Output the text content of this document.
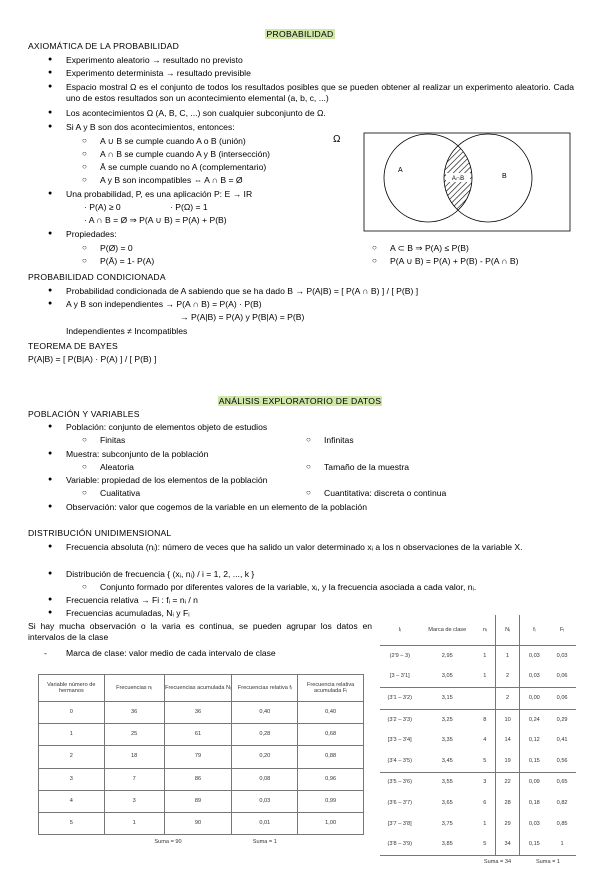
PROBABILIDAD
AXIOMÁTICA DE LA PROBABILIDAD
● Experimento aleatorio → resultado no previsto
● Experimento determinista → resultado previsible
● Espacio mostral Ω es el conjunto de todos los resultados posibles que se pueden obtener al realizar un experimento aleatorio. Cada uno de estos resultados son un acontecimiento elemental (a, b, c, ...)
● Los acontecimientos Ω (A, B, C, ...) son cualquier subconjunto de Ω.
● Si A y B son dos acontecimientos, entonces:
○ A ∪ B se cumple cuando A o B (unión)
○ A ∩ B se cumple cuando A y B (intersección)
○ Ā se cumple cuando no A (complementario)
○ A y B son incompatibles ⇔ A ∩ B = Ø
● Una probabilidad, P, es una aplicación P: E → IR
· P(A) ≥ 0	· P(Ω) = 1
· A ∩ B = Ø ⇒ P(A ∪ B) = P(A) + P(B)
● Propiedades:
○ P(Ø) = 0
○ P(Ā) = 1- P(A)
○ A ⊂ B ⇒ P(A) ≤ P(B)
○ P(A ∪ B) = P(A) + P(B) - P(A ∩ B)
Ω
A∩B
A
B
PROBABILIDAD CONDICIONADA
● Probabilidad condicionada de A sabiendo que se ha dado B → P(A|B) = [ P(A ∩ B) ] / [ P(B) ]
● A y B son independientes → P(A ∩ B) = P(A) · P(B)
→ P(A|B) = P(A) y P(B|A) = P(B)
Independientes ≠ Incompatibles
TEOREMA DE BAYES
P(A|B) = [ P(B|A) · P(A) ] / [ P(B) ]
ANÁLISIS EXPLORATORIO DE DATOS
POBLACIÓN Y VARIABLES
● Población: conjunto de elementos objeto de estudios
○ Finitas	○ Infinitas
● Muestra: subconjunto de la población
○ Aleatoria	○ Tamaño de la muestra
● Variable: propiedad de los elementos de la población
○ Cualitativa	○ Cuantitativa: discreta o continua
● Observación: valor que cogemos de la variable en un elemento de la población
DISTRIBUCIÓN UNIDIMENSIONAL
● Frecuencia absoluta (nᵢ): número de veces que ha salido un valor determinado xᵢ a los n observaciones de la variable X.
● Distribución de frecuencia { (xᵢ, nᵢ) / i = 1, 2, ..., k }
○ Conjunto formado por diferentes valores de la variable, xᵢ, y la frecuencia asociada a cada valor, nᵢ.
● Frecuencia relativa → Fi : fᵢ = nᵢ / n
● Frecuencias acumuladas, Nᵢ y Fᵢ
Si hay mucha observación o la varia es continua, se pueden agrupar los datos en intervalos de la clase
- Marca de clase: valor medio de cada intervalo de clase
Variable número de hermanos	Frecuencias nᵢ	Frecuencias acumulada Nᵢ	Frecuencias relativa fᵢ	Frecuencia relativa acumulada Fᵢ
0	36	36	0,40	0,40
1	25	61	0,28	0,68
2	18	79	0,20	0,88
3	7	86	0,08	0,96
4	3	89	0,03	0,99
5	1	90	0,01	1,00
	Suma = 90		Suma = 1	
Iᵢ	Marca de clase	nᵢ	Nᵢ	fᵢ	Fᵢ
(2'9 – 3)	2,95	1	1	0,03	0,03
[3 – 3'1]	3,05	1	2	0,03	0,06
(3'1 – 3'2)	3,15		2	0,00	0,06
(3'2 – 3'3)	3,25	8	10	0,24	0,29
[3'3 – 3'4]	3,35	4	14	0,12	0,41
(3'4 – 3'5)	3,45	5	19	0,15	0,56
(3'5 – 3'6)	3,55	3	22	0,09	0,65
(3'6 – 3'7)	3,65	6	28	0,18	0,82
[3'7 – 3'8]	3,75	1	29	0,03	0,85
(3'8 – 3'9)	3,85	5	34	0,15	1
		Suma = 34		Suma = 1	
